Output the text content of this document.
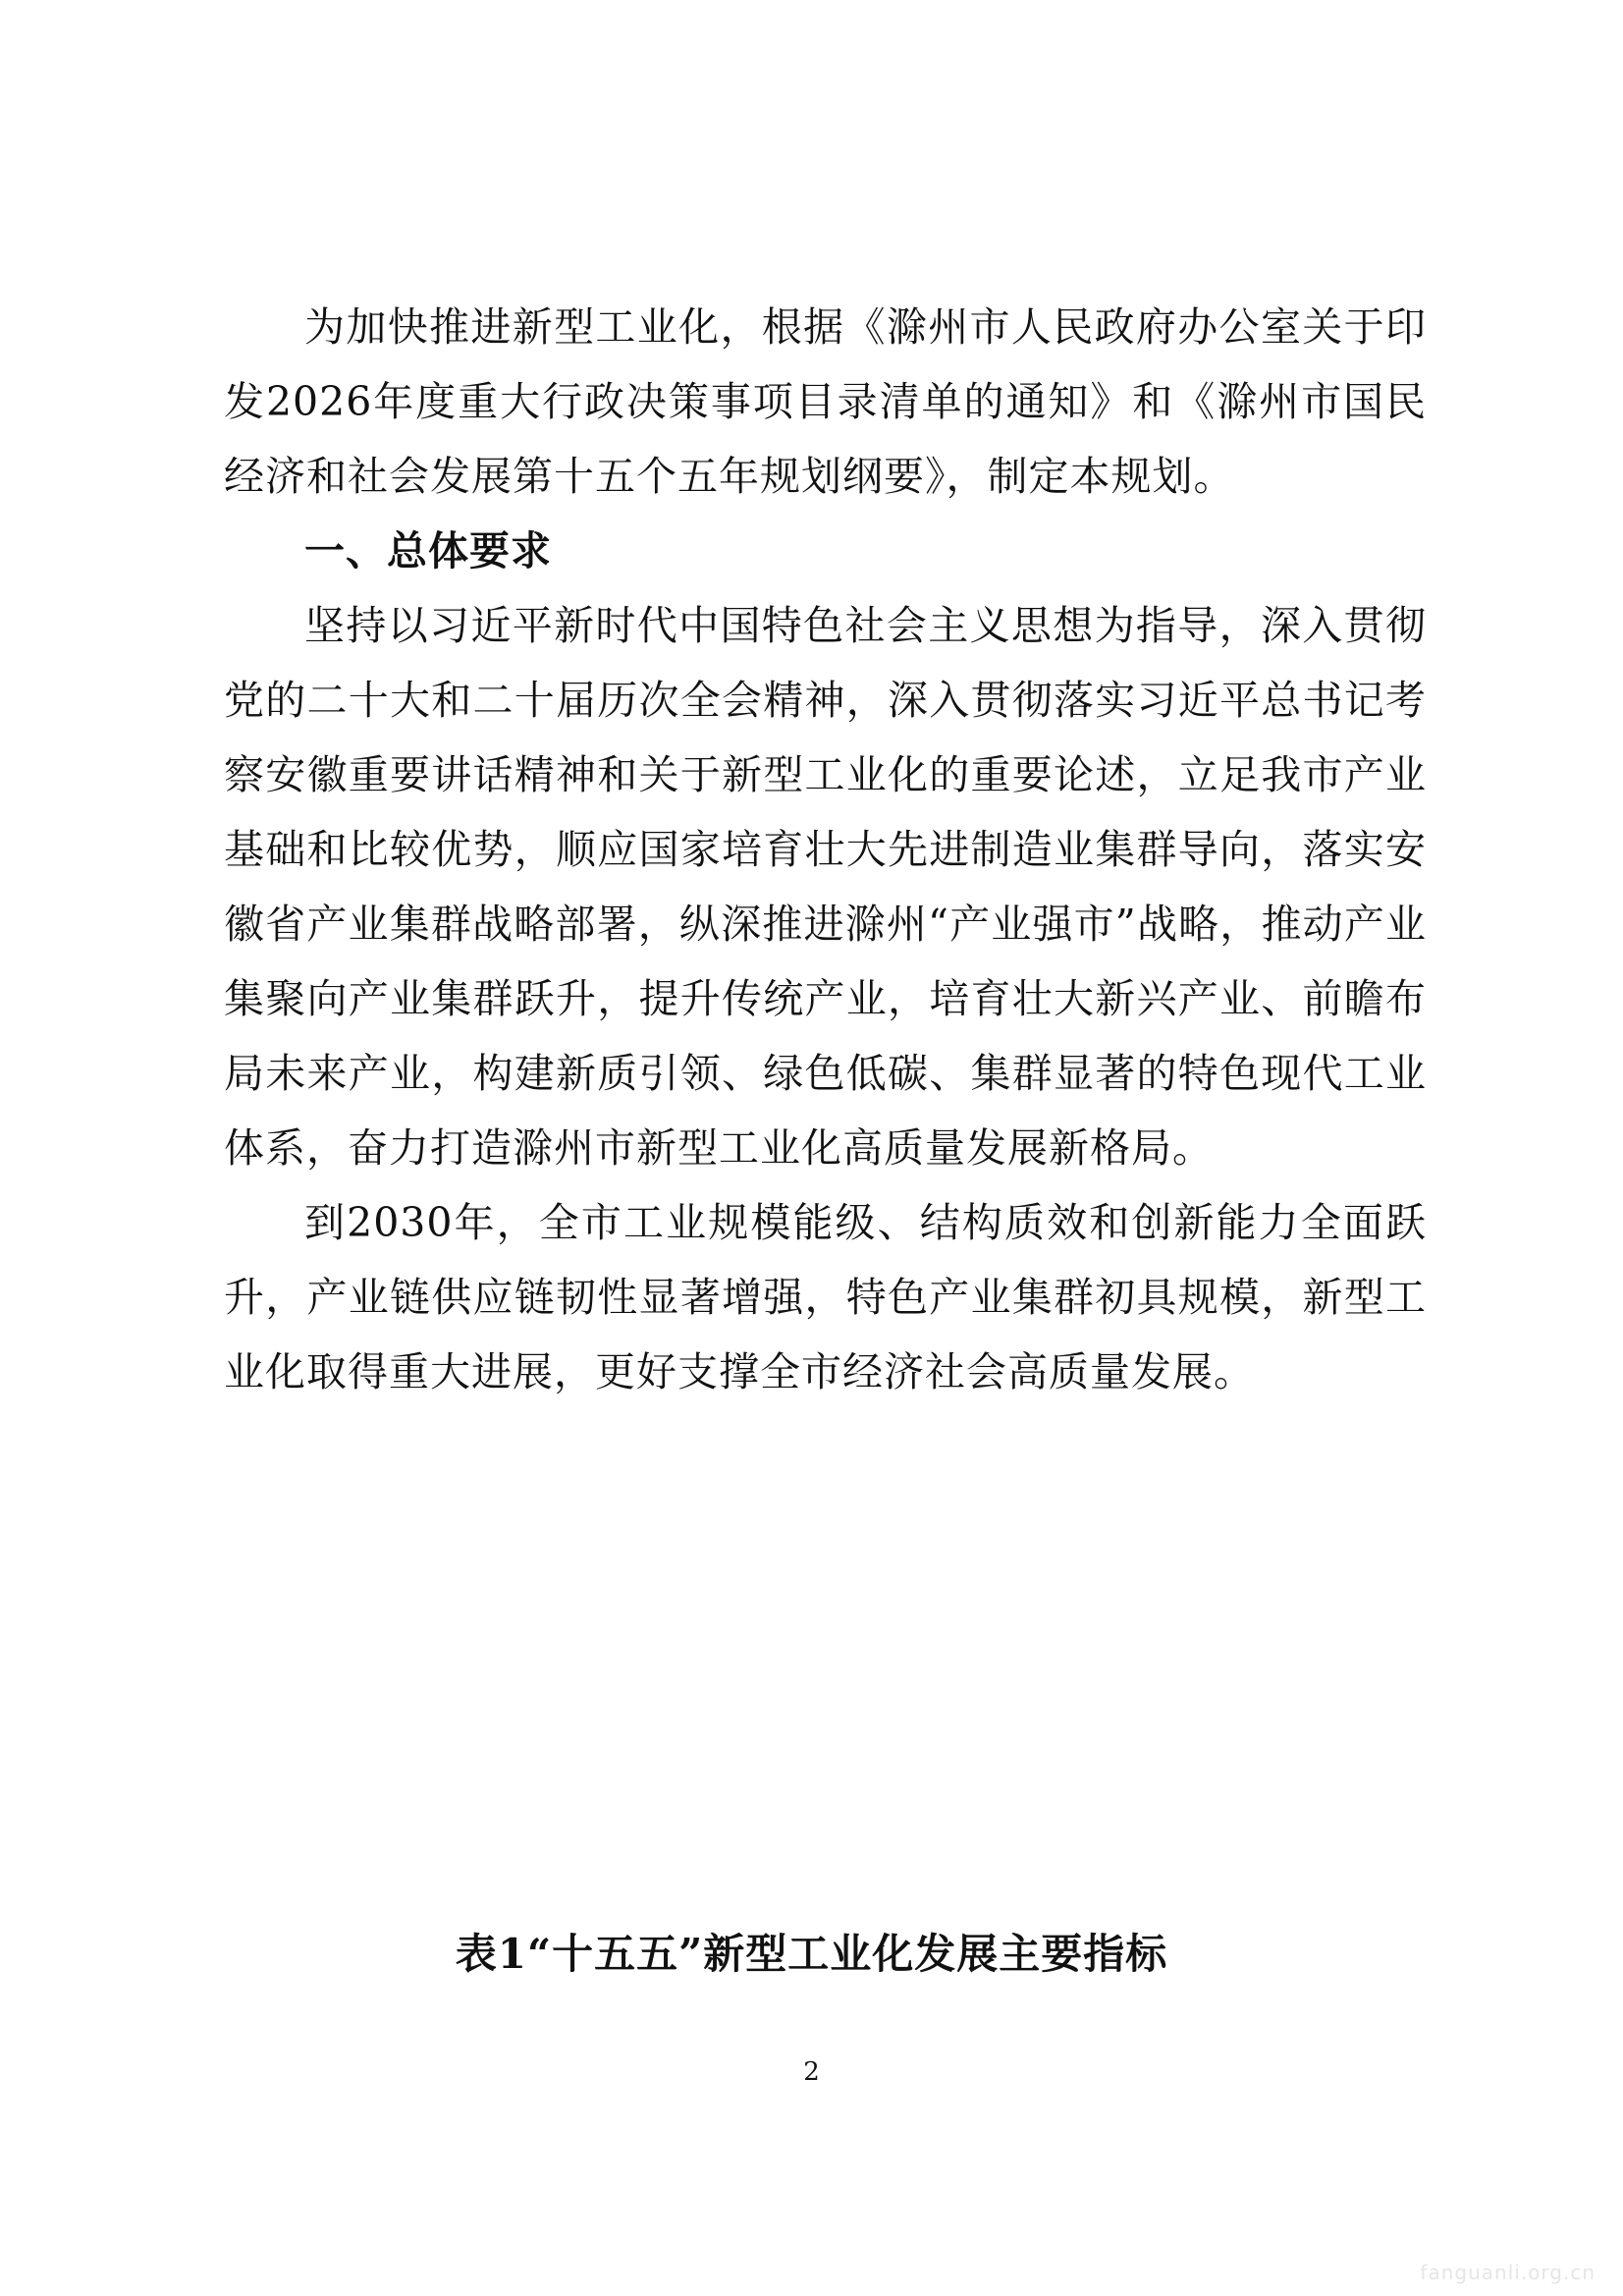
为加快推进新型工业化，根据《滁州市人民政府办公室关于印发2026年度重大行政决策事项目录清单的通知》和《滁州市国民经济和社会发展第十五个五年规划纲要》，制定本规划。

一、总体要求

坚持以习近平新时代中国特色社会主义思想为指导，深入贯彻党的二十大和二十届历次全会精神，深入贯彻落实习近平总书记考察安徽重要讲话精神和关于新型工业化的重要论述，立足我市产业基础和比较优势，顺应国家培育壮大先进制造业集群导向，落实安徽省产业集群战略部署，纵深推进滁州“产业强市”战略，推动产业集聚向产业集群跃升，提升传统产业，培育壮大新兴产业、前瞻布局未来产业，构建新质引领、绿色低碳、集群显著的特色现代工业体系，奋力打造滁州市新型工业化高质量发展新格局。

到2030年，全市工业规模能级、结构质效和创新能力全面跃升，产业链供应链韧性显著增强，特色产业集群初具规模，新型工业化取得重大进展，更好支撑全市经济社会高质量发展。

表1“十五五”新型工业化发展主要指标
2
fanguanli.org.cn
